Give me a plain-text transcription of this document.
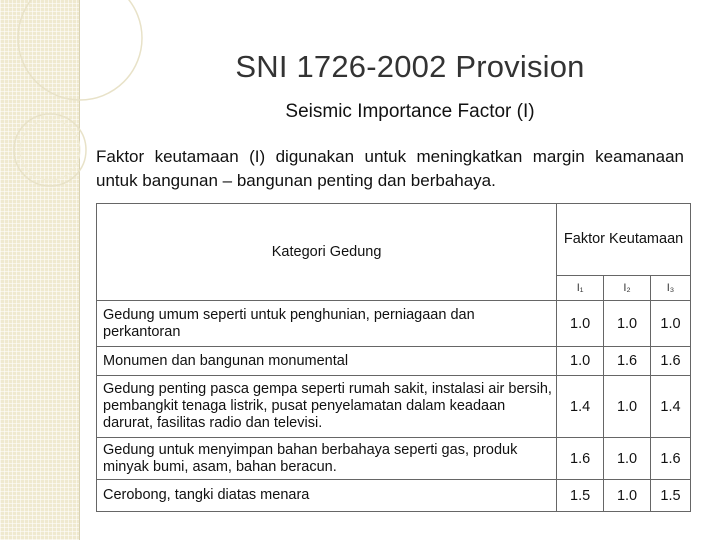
SNI 1726-2002 Provision
Seismic Importance Factor (I)
Faktor keutamaan (I) digunakan untuk meningkatkan margin keamanaan untuk bangunan – bangunan penting dan berbahaya.
Kategori Gedung	Faktor Keutamaan		
	I₁	I₂	I₃
Gedung umum seperti untuk penghunian, perniagaan dan perkantoran	1.0	1.0	1.0
Monumen dan bangunan monumental	1.0	1.6	1.6
Gedung penting pasca gempa seperti rumah sakit, instalasi air bersih, pembangkit tenaga listrik, pusat penyelamatan dalam keadaan darurat, fasilitas radio dan televisi.	1.4	1.0	1.4
Gedung untuk menyimpan bahan berbahaya seperti gas, produk minyak bumi, asam, bahan beracun.	1.6	1.0	1.6
Cerobong, tangki diatas menara	1.5	1.0	1.5
